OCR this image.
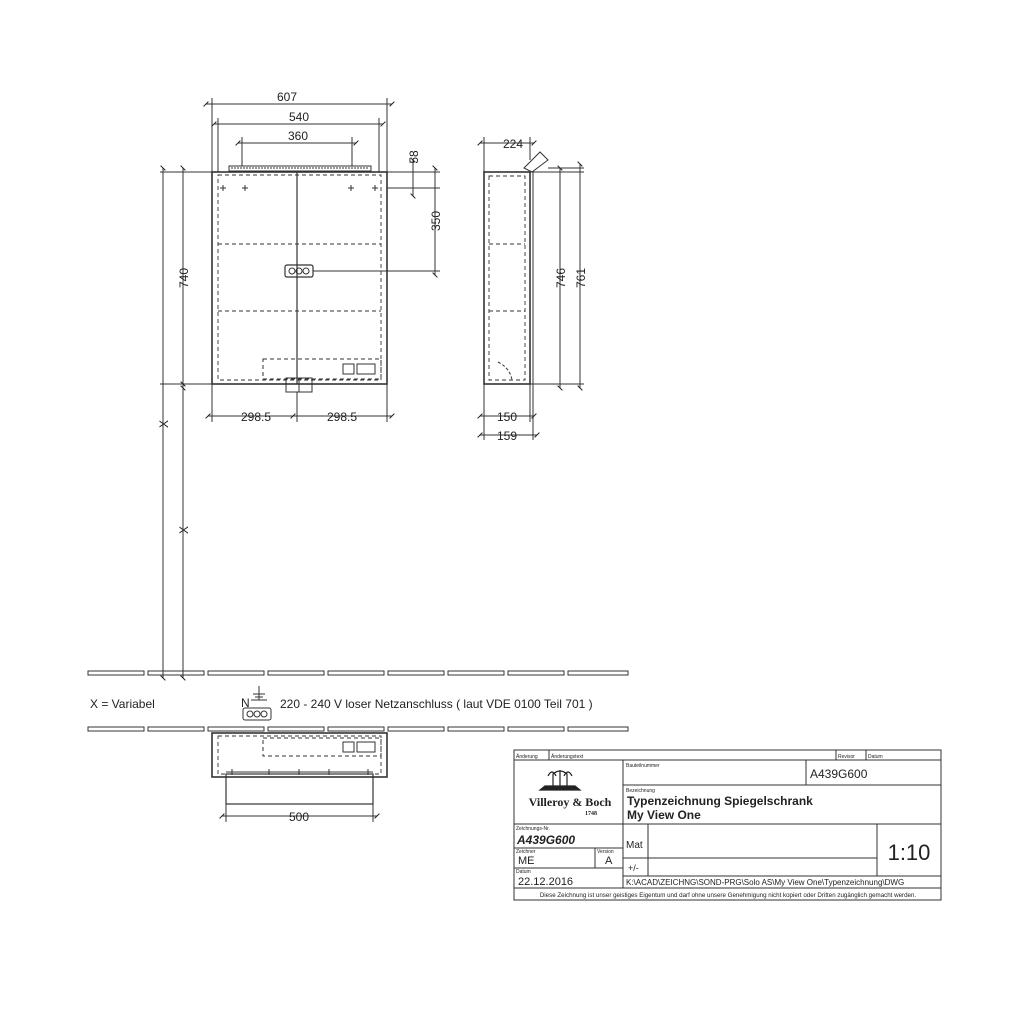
607
540
360
58
350
740
X
X
298.5	298.5
224
746 761
150
159
X = Variabel	N	220 - 240 V loser Netzanschluss ( laut VDE 0100 Teil 701 )
500
Villeroy & Boch
1748
Änderung	Änderungstext	Revisor	Datum
Bauteilnummer
A439G600
Bezeichnung
Typenzeichnung Spiegelschrank
My View One
Zeichnungs-Nr.
A439G600
Zeichner
ME
Version
A
Datum
22.12.2016
Mat
+/-
1:10
K:\ACAD\ZEICHNG\SOND-PRG\Solo AS\My View One\Typenzeichnung\DWG
Diese Zeichnung ist unser geistiges Eigentum und darf ohne unsere Genehmigung nicht kopiert oder Dritten zugänglich gemacht werden.
